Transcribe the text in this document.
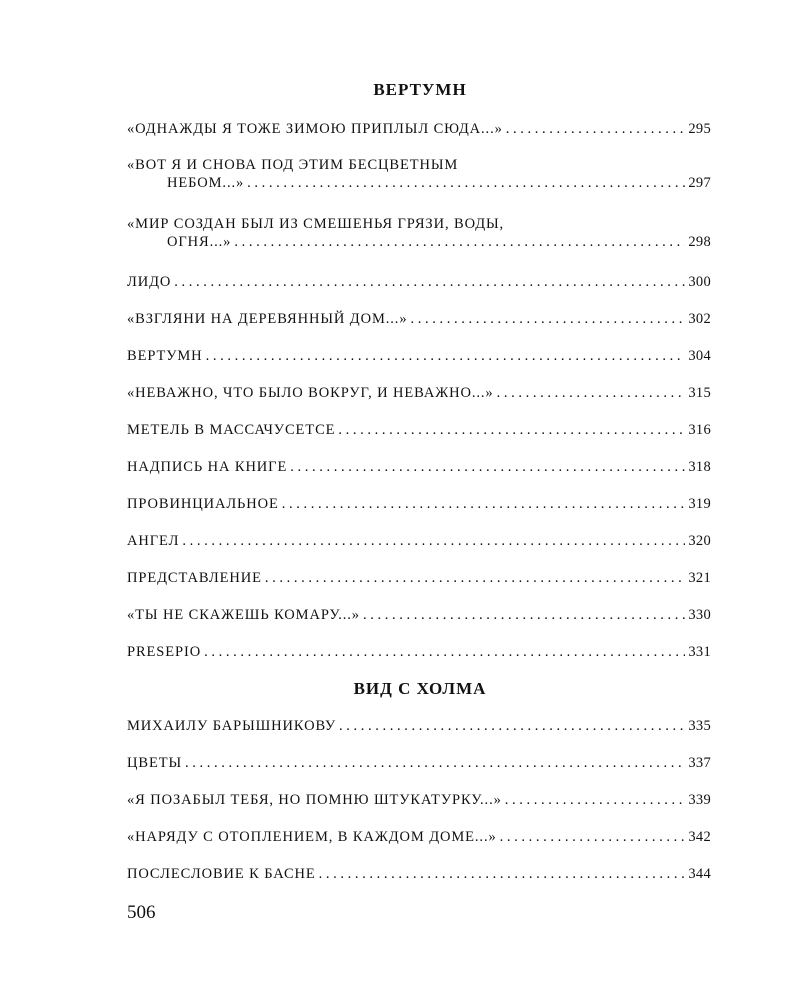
ВЕРТУМН
«ОДНАЖДЫ Я ТОЖЕ ЗИМОЮ ПРИПЛЫЛ СЮДА...» . . .	295
«ВОТ Я И СНОВА ПОД ЭТИМ БЕСЦВЕТНЫМ
НЕБОМ...» . . .	297
«МИР СОЗДАН БЫЛ ИЗ СМЕШЕНЬЯ ГРЯЗИ, ВОДЫ,
ОГНЯ...» . . .	298
ЛИДО . . .	300
«ВЗГЛЯНИ НА ДЕРЕВЯННЫЙ ДОМ...» . . .	302
ВЕРТУМН . . .	304
«НЕВАЖНО, ЧТО БЫЛО ВОКРУГ, И НЕВАЖНО...» . . .	315
МЕТЕЛЬ В МАССАЧУСЕТСЕ . . .	316
НАДПИСЬ НА КНИГЕ . . .	318
ПРОВИНЦИАЛЬНОЕ . . .	319
АНГЕЛ . . .	320
ПРЕДСТАВЛЕНИЕ . . .	321
«ТЫ НЕ СКАЖЕШЬ КОМАРУ...» . . .	330
PRESEPIO . . .	331
ВИД С ХОЛМА
МИХАИЛУ БАРЫШНИКОВУ . . .	335
ЦВЕТЫ . . .	337
«Я ПОЗАБЫЛ ТЕБЯ, НО ПОМНЮ ШТУКАТУРКУ...» . . .	339
«НАРЯДУ С ОТОПЛЕНИЕМ, В КАЖДОМ ДОМЕ...» . . .	342
ПОСЛЕСЛОВИЕ К БАСНЕ . . .	344
506
